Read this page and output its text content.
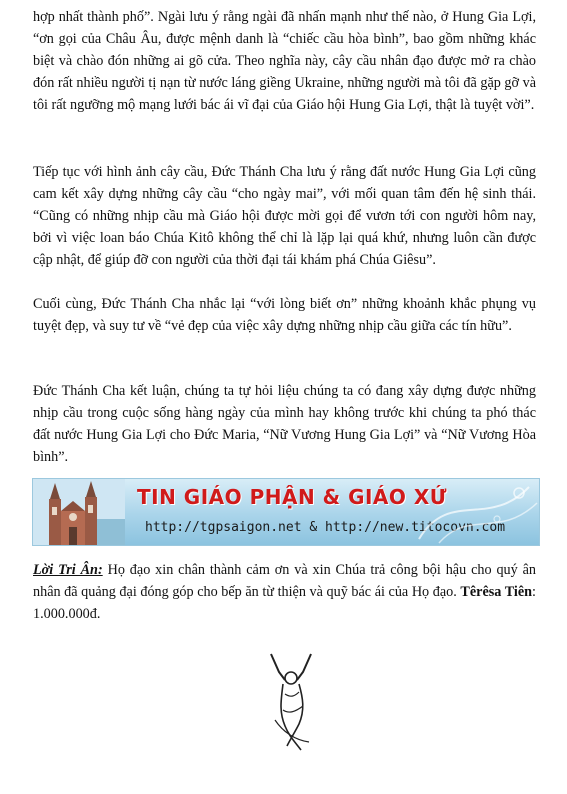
hợp nhất thành phố”. Ngài lưu ý rằng ngài đã nhấn mạnh như thế nào, ở Hung Gia Lợi, “ơn gọi của Châu Âu, được mệnh danh là “chiếc cầu hòa bình”, bao gồm những khác biệt và chào đón những ai gõ cửa. Theo nghĩa này, cây cầu nhân đạo được mở ra chào đón rất nhiều người tị nạn từ nước láng giềng Ukraine, những người mà tôi đã gặp gỡ và tôi rất ngưỡng mộ mạng lưới bác ái vĩ đại của Giáo hội Hung Gia Lợi, thật là tuyệt vời”.

Tiếp tục với hình ảnh cây cầu, Đức Thánh Cha lưu ý rằng đất nước Hung Gia Lợi cũng cam kết xây dựng những cây cầu “cho ngày mai”, với mối quan tâm đến hệ sinh thái. “Cũng có những nhịp cầu mà Giáo hội được mời gọi để vươn tới con người hôm nay, bởi vì việc loan báo Chúa Kitô không thể chỉ là lặp lại quá khứ, nhưng luôn cần được cập nhật, để giúp đỡ con người của thời đại tái khám phá Chúa Giêsu”.

Cuối cùng, Đức Thánh Cha nhắc lại “với lòng biết ơn” những khoảnh khắc phụng vụ tuyệt đẹp, và suy tư về “vẻ đẹp của việc xây dựng những nhịp cầu giữa các tín hữu”.

Đức Thánh Cha kết luận, chúng ta tự hỏi liệu chúng ta có đang xây dựng được những nhịp cầu trong cuộc sống hàng ngày của mình hay không trước khi chúng ta phó thác đất nước Hung Gia Lợi cho Đức Maria, “Nữ Vương Hung Gia Lợi” và “Nữ Vương Hòa bình”.

TIN GIÁO PHẬN & GIÁO XỨ
http://tgpsaigon.net & http://new.titocovn.com

Lời Tri Ân: Họ đạo xin chân thành cảm ơn và xin Chúa trả công bội hậu cho quý ân nhân đã quảng đại đóng góp cho bếp ăn từ thiện và quỹ bác ái của Họ đạo. Têrêsa Tiên: 1.000.000đ.
